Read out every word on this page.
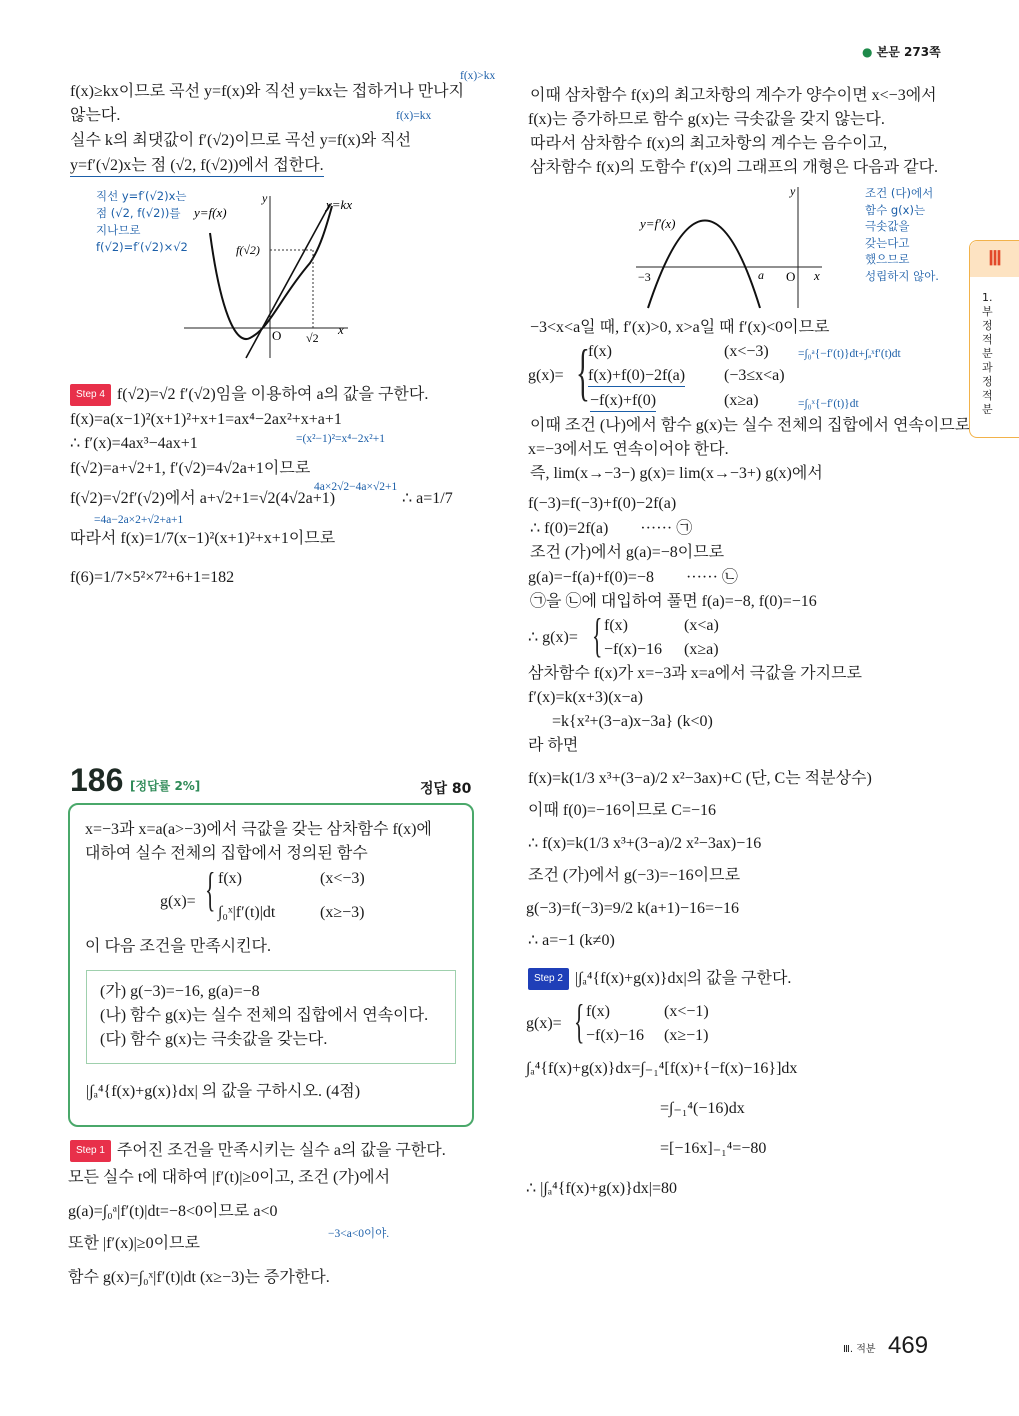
● 본문 273쪽
f(x)≥kx이므로 곡선 y=f(x)와 직선 y=kx는 접하거나 만나지
f(x)>kx
않는다.	f(x)=kx
실수 k의 최댓값이 f′(√2)이므로 곡선 y=f(x)와 직선
y=f′(√2)x는 점 (√2, f(√2))에서 접한다.
직선 y=f′(√2)x는
점 (√2, f(√2))를
지나므로
f(√2)=f′(√2)×√2
y=f(x)
y=kx
f(√2)
O √2
x
y
Step 4 f(√2)=√2 f′(√2)임을 이용하여 a의 값을 구한다.
f(x)=a(x−1)²(x+1)²+x+1=ax⁴−2ax²+x+a+1
=(x²−1)²=x⁴−2x²+1
∴ f′(x)=4ax³−4ax+1
f(√2)=a+√2+1, f′(√2)=4√2a+1이므로
4a×2√2−4a×√2+1
f(√2)=√2f′(√2)에서 a+√2+1=√2(4√2a+1)	∴ a=1/7
=4a−2a×2+√2+a+1
따라서 f(x)=1/7(x−1)²(x+1)²+x+1이므로
f(6)=1/7×5²×7²+6+1=182
186 [정답률 2%]	정답 80
x=−3과 x=a(a>−3)에서 극값을 갖는 삼차함수 f(x)에
대하여 실수 전체의 집합에서 정의된 함수
g(x)= { f(x)	(x<−3)
∫₀ˣ|f′(t)|dt	(x≥−3)
이 다음 조건을 만족시킨다.
(가) g(−3)=−16, g(a)=−8
(나) 함수 g(x)는 실수 전체의 집합에서 연속이다.
(다) 함수 g(x)는 극솟값을 갖는다.
|∫ₐ⁴{f(x)+g(x)}dx| 의 값을 구하시오. (4점)
Step 1 주어진 조건을 만족시키는 실수 a의 값을 구한다.
모든 실수 t에 대하여 |f′(t)|≥0이고, 조건 (가)에서
g(a)=∫₀ᵃ|f′(t)|dt=−8<0이므로 a<0
−3<a<0이야.
또한 |f′(x)|≥0이므로
함수 g(x)=∫₀ˣ|f′(t)|dt (x≥−3)는 증가한다.
이때 삼차함수 f(x)의 최고차항의 계수가 양수이면 x<−3에서
f(x)는 증가하므로 함수 g(x)는 극솟값을 갖지 않는다.
따라서 삼차함수 f(x)의 최고차항의 계수는 음수이고,
삼차함수 f(x)의 도함수 f′(x)의 그래프의 개형은 다음과 같다.
조건 (다)에서
함수 g(x)는
극솟값을
갖는다고
했으므로
성립하지 않아.
y=f′(x)
−3	a O x
y
−3<x<a일 때, f′(x)>0, x>a일 때 f′(x)<0이므로
g(x)= {
f(x)	(x<−3)	=∫₀ᵃ{−f′(t)}dt+∫ₐˣf′(t)dt
f(x)+f(0)−2f(a) (−3≤x<a)
−f(x)+f(0)	(x≥a)	=∫₀ˣ{−f′(t)}dt
이때 조건 (나)에서 함수 g(x)는 실수 전체의 집합에서 연속이므로
x=−3에서도 연속이어야 한다.
즉, lim(x→−3−) g(x)= lim(x→−3+) g(x)에서
f(−3)=f(−3)+f(0)−2f(a)
∴ f(0)=2f(a)        ······ ㉠
조건 (가)에서 g(a)=−8이므로
g(a)=−f(a)+f(0)=−8        ······ ㉡
㉠을 ㉡에 대입하여 풀면 f(a)=−8, f(0)=−16
∴ g(x)= { f(x)	(x<a)
−f(x)−16 (x≥a)
삼차함수 f(x)가 x=−3과 x=a에서 극값을 가지므로
f′(x)=k(x+3)(x−a)
=k{x²+(3−a)x−3a} (k<0)
라 하면
f(x)=k(1/3 x³+(3−a)/2 x²−3ax)+C (단, C는 적분상수)
이때 f(0)=−16이므로 C=−16
∴ f(x)=k(1/3 x³+(3−a)/2 x²−3ax)−16
조건 (가)에서 g(−3)=−16이므로
g(−3)=f(−3)=9/2 k(a+1)−16=−16
∴ a=−1 (k≠0)
Step 2 |∫ₐ⁴{f(x)+g(x)}dx|의 값을 구한다.
g(x)= { f(x)	(x<−1)
−f(x)−16 (x≥−1)
∫ₐ⁴{f(x)+g(x)}dx=∫₋₁⁴[f(x)+{−f(x)−16}]dx
=∫₋₁⁴(−16)dx
=[−16x]₋₁⁴=−80
∴ |∫ₐ⁴{f(x)+g(x)}dx|=80
Ⅲ
1.부정적분과 정적분
Ⅲ. 적분 469
